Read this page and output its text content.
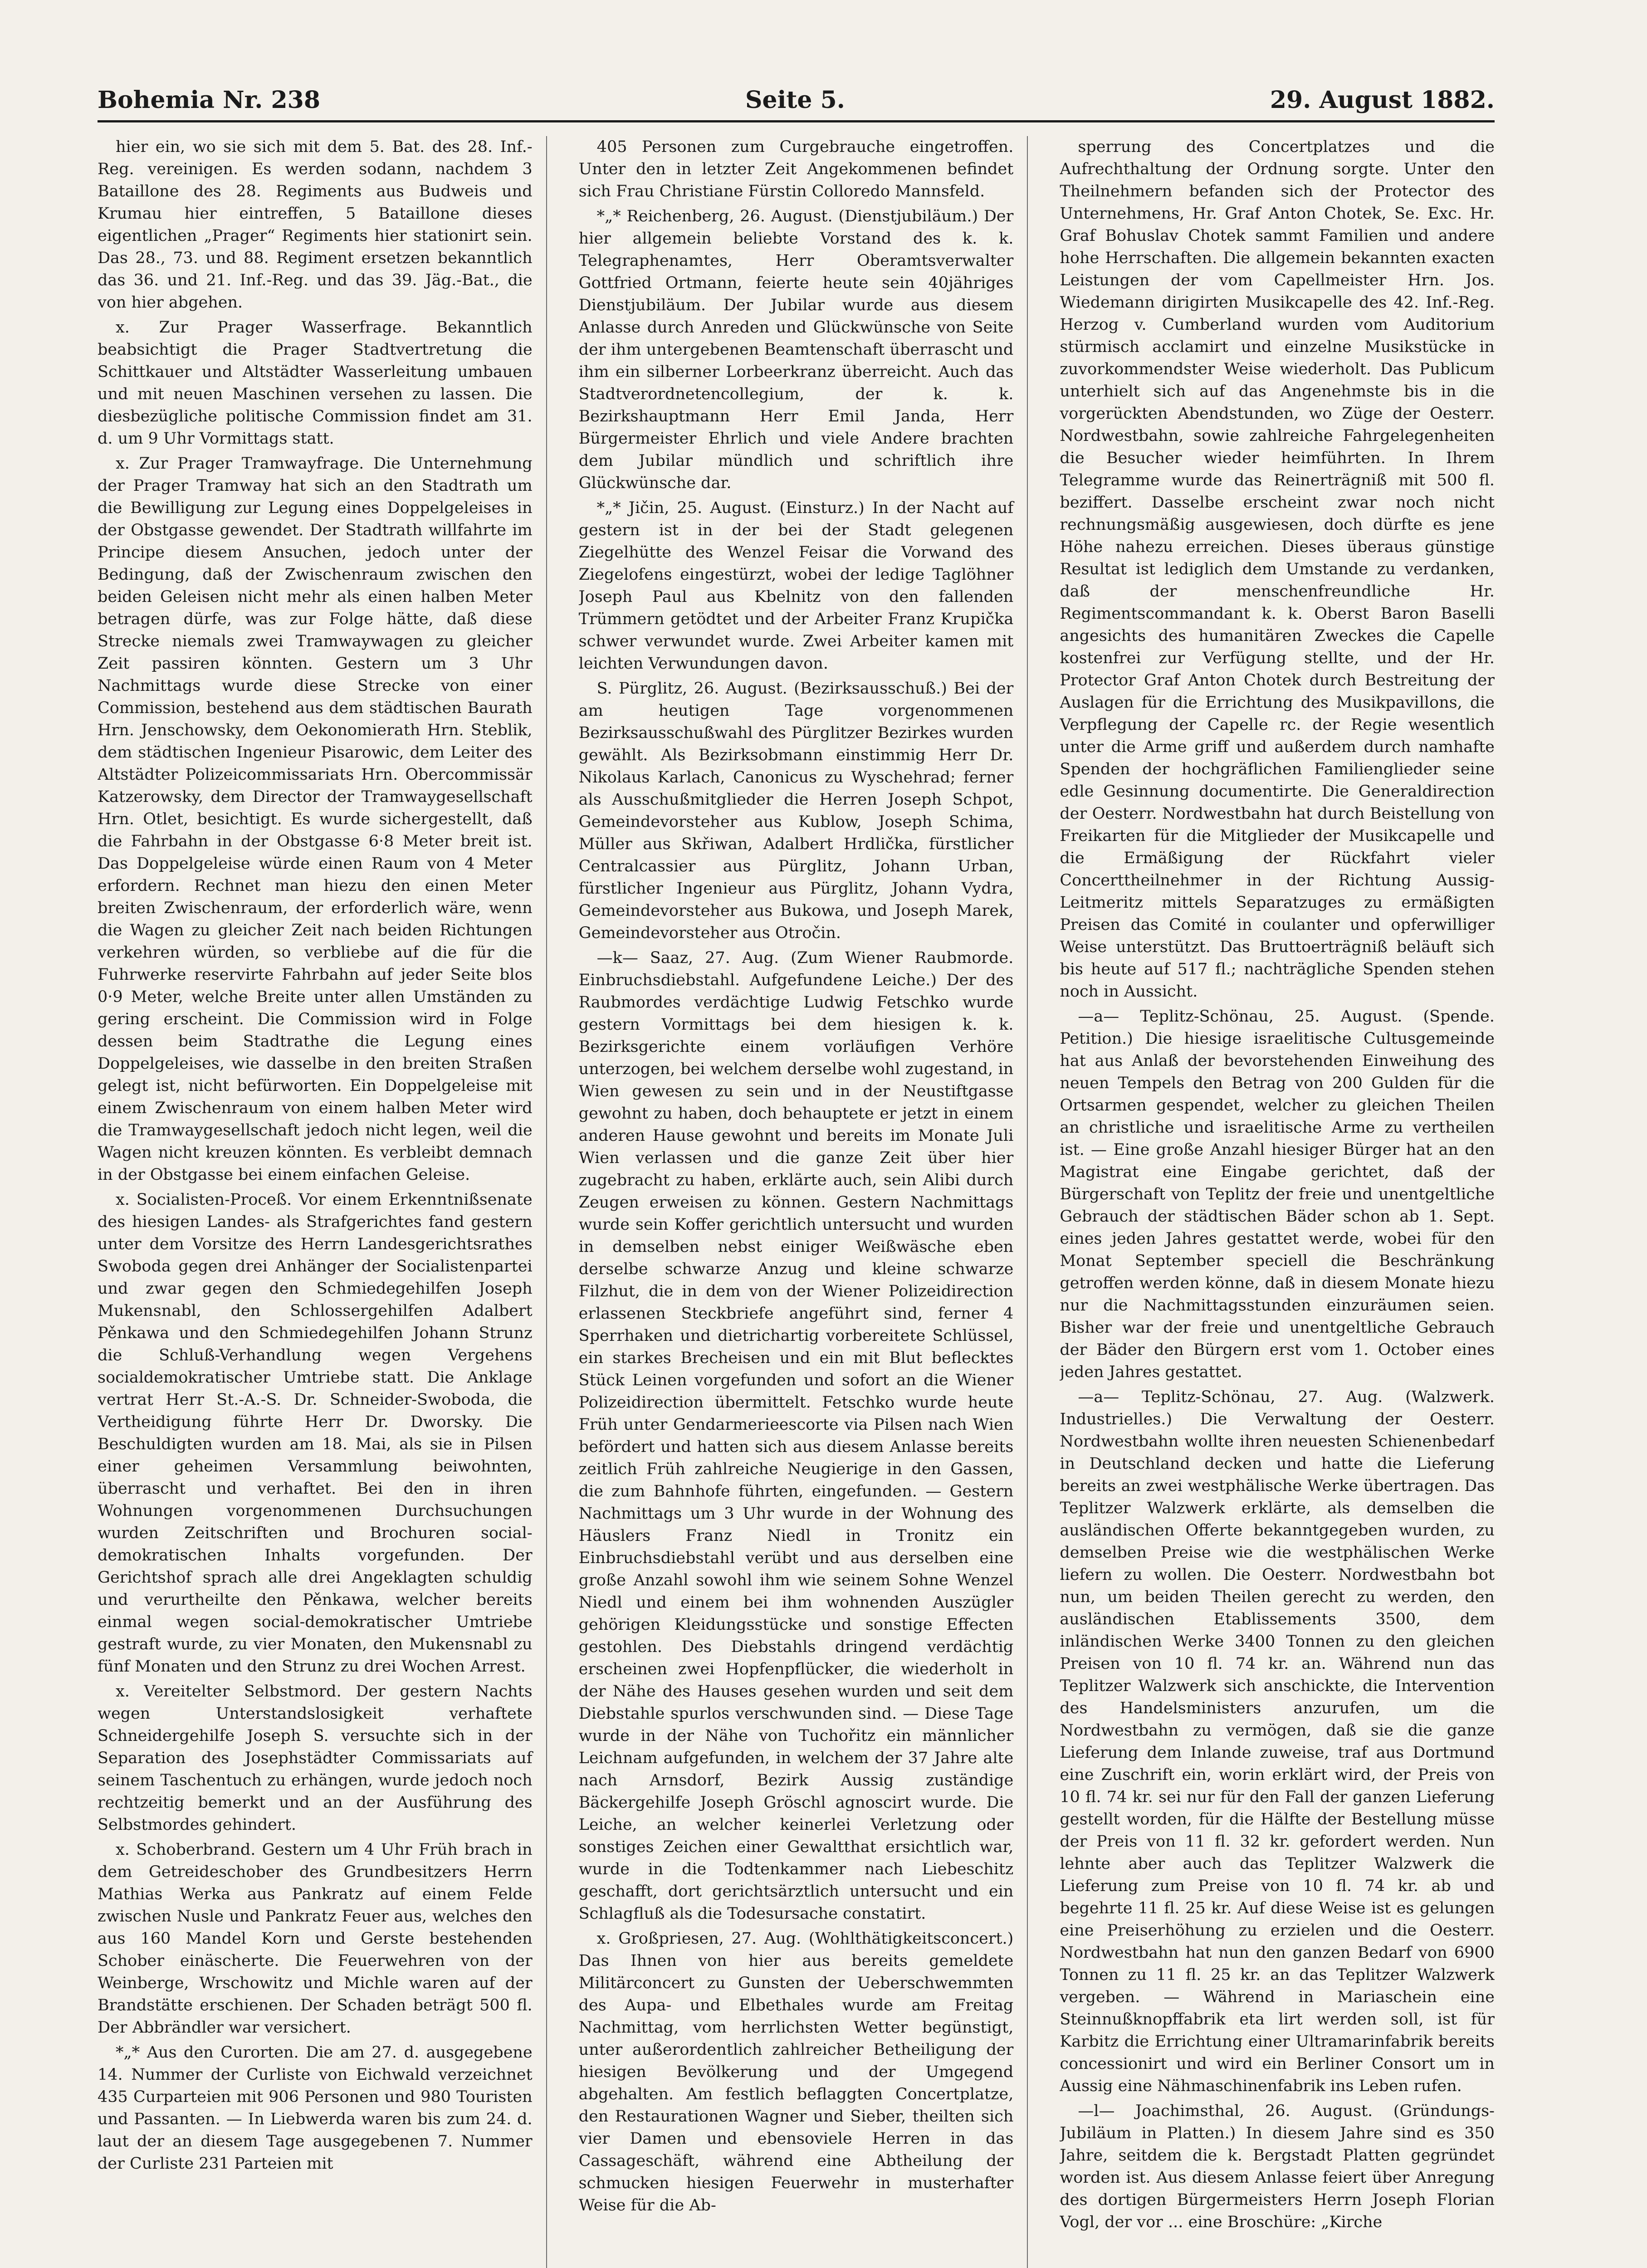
Bohemia Nr. 238	Seite 5.	29. August 1882.

hier ein, wo sie sich mit dem 5. Bat. des 28. Inf.-Reg. vereinigen. Es werden sodann, nachdem 3 Bataillone des 28. Regiments aus Budweis und Krumau hier eintreffen, 5 Bataillone dieses eigentlichen „Prager“ Regiments hier stationirt sein. Das 28., 73. und 88. Regiment ersetzen bekanntlich das 36. und 21. Inf.-Reg. und das 39. Jäg.-Bat., die von hier abgehen.

x. Zur Prager Wasserfrage. Bekanntlich beabsichtigt die Prager Stadtvertretung die Schittkauer und Altstädter Wasserleitung umbauen und mit neuen Maschinen versehen zu lassen. Die diesbezügliche politische Commission findet am 31. d. um 9 Uhr Vormittags statt.

x. Zur Prager Tramwayfrage. Die Unternehmung der Prager Tramway hat sich an den Stadtrath um die Bewilligung zur Legung eines Doppelgeleises in der Obstgasse gewendet. Der Stadtrath willfahrte im Principe diesem Ansuchen, jedoch unter der Bedingung, daß der Zwischenraum zwischen den beiden Geleisen nicht mehr als einen halben Meter betragen dürfe, was zur Folge hätte, daß diese Strecke niemals zwei Tramwaywagen zu gleicher Zeit passiren könnten. Gestern um 3 Uhr Nachmittags wurde diese Strecke von einer Commission, bestehend aus dem städtischen Baurath Hrn. Jenschowsky, dem Oekonomierath Hrn. Steblik, dem städtischen Ingenieur Pisarowic, dem Leiter des Altstädter Polizeicommissariats Hrn. Obercommissär Katzerowsky, dem Director der Tramwaygesellschaft Hrn. Otlet, besichtigt. Es wurde sichergestellt, daß die Fahrbahn in der Obstgasse 6·8 Meter breit ist. Das Doppelgeleise würde einen Raum von 4 Meter erfordern. Rechnet man hiezu den einen Meter breiten Zwischenraum, der erforderlich wäre, wenn die Wagen zu gleicher Zeit nach beiden Richtungen verkehren würden, so verbliebe auf die für die Fuhrwerke reservirte Fahrbahn auf jeder Seite blos 0·9 Meter, welche Breite unter allen Umständen zu gering erscheint. Die Commission wird in Folge dessen beim Stadtrathe die Legung eines Doppelgeleises, wie dasselbe in den breiten Straßen gelegt ist, nicht befürworten. Ein Doppelgeleise mit einem Zwischenraum von einem halben Meter wird die Tramwaygesellschaft jedoch nicht legen, weil die Wagen nicht kreuzen könnten. Es verbleibt demnach in der Obstgasse bei einem einfachen Geleise.

x. Socialisten-Proceß. Vor einem Erkenntnißsenate des hiesigen Landes- als Strafgerichtes fand gestern unter dem Vorsitze des Herrn Landesgerichtsrathes Swoboda gegen drei Anhänger der Socialistenpartei und zwar gegen den Schmiedegehilfen Joseph Mukensnabl, den Schlossergehilfen Adalbert Pěnkawa und den Schmiedegehilfen Johann Strunz die Schluß-Verhandlung wegen Vergehens socialdemokratischer Umtriebe statt. Die Anklage vertrat Herr St.-A.-S. Dr. Schneider-Swoboda, die Vertheidigung führte Herr Dr. Dworsky. Die Beschuldigten wurden am 18. Mai, als sie in Pilsen einer geheimen Versammlung beiwohnten, überrascht und verhaftet. Bei den in ihren Wohnungen vorgenommenen Durchsuchungen wurden Zeitschriften und Brochuren social-demokratischen Inhalts vorgefunden. Der Gerichtshof sprach alle drei Angeklagten schuldig und verurtheilte den Pěnkawa, welcher bereits einmal wegen social-demokratischer Umtriebe gestraft wurde, zu vier Monaten, den Mukensnabl zu fünf Monaten und den Strunz zu drei Wochen Arrest.

x. Vereitelter Selbstmord. Der gestern Nachts wegen Unterstandslosigkeit verhaftete Schneidergehilfe Joseph S. versuchte sich in der Separation des Josephstädter Commissariats auf seinem Taschentuch zu erhängen, wurde jedoch noch rechtzeitig bemerkt und an der Ausführung des Selbstmordes gehindert.

x. Schoberbrand. Gestern um 4 Uhr Früh brach in dem Getreideschober des Grundbesitzers Herrn Mathias Werka aus Pankratz auf einem Felde zwischen Nusle und Pankratz Feuer aus, welches den aus 160 Mandel Korn und Gerste bestehenden Schober einäscherte. Die Feuerwehren von der Weinberge, Wrschowitz und Michle waren auf der Brandstätte erschienen. Der Schaden beträgt 500 fl. Der Abbrändler war versichert.

*„* Aus den Curorten. Die am 27. d. ausgegebene 14. Nummer der Curliste von Eichwald verzeichnet 435 Curparteien mit 906 Personen und 980 Touristen und Passanten. — In Liebwerda waren bis zum 24. d. laut der an diesem Tage ausgegebenen 7. Nummer der Curliste 231 Parteien mit

405 Personen zum Curgebrauche eingetroffen. Unter den in letzter Zeit Angekommenen befindet sich Frau Christiane Fürstin Colloredo Mannsfeld.

*„* Reichenberg, 26. August. (Dienstjubiläum.) Der hier allgemein beliebte Vorstand des k. k. Telegraphenamtes, Herr Oberamtsverwalter Gottfried Ortmann, feierte heute sein 40jähriges Dienstjubiläum. Der Jubilar wurde aus diesem Anlasse durch Anreden und Glückwünsche von Seite der ihm untergebenen Beamtenschaft überrascht und ihm ein silberner Lorbeerkranz überreicht. Auch das Stadtverordnetencollegium, der k. k. Bezirkshauptmann Herr Emil Janda, Herr Bürgermeister Ehrlich und viele Andere brachten dem Jubilar mündlich und schriftlich ihre Glückwünsche dar.

*„* Jičin, 25. August. (Einsturz.) In der Nacht auf gestern ist in der bei der Stadt gelegenen Ziegelhütte des Wenzel Feisar die Vorwand des Ziegelofens eingestürzt, wobei der ledige Taglöhner Joseph Paul aus Kbelnitz von den fallenden Trümmern getödtet und der Arbeiter Franz Krupička schwer verwundet wurde. Zwei Arbeiter kamen mit leichten Verwundungen davon.

S. Pürglitz, 26. August. (Bezirksausschuß.) Bei der am heutigen Tage vorgenommenen Bezirksausschußwahl des Pürglitzer Bezirkes wurden gewählt. Als Bezirksobmann einstimmig Herr Dr. Nikolaus Karlach, Canonicus zu Wyschehrad; ferner als Ausschußmitglieder die Herren Joseph Schpot, Gemeindevorsteher aus Kublow, Joseph Schima, Müller aus Skřiwan, Adalbert Hrdlička, fürstlicher Centralcassier aus Pürglitz, Johann Urban, fürstlicher Ingenieur aus Pürglitz, Johann Vydra, Gemeindevorsteher aus Bukowa, und Joseph Marek, Gemeindevorsteher aus Otročin.

—k— Saaz, 27. Aug. (Zum Wiener Raubmorde. Einbruchsdiebstahl. Aufgefundene Leiche.) Der des Raubmordes verdächtige Ludwig Fetschko wurde gestern Vormittags bei dem hiesigen k. k. Bezirksgerichte einem vorläufigen Verhöre unterzogen, bei welchem derselbe wohl zugestand, in Wien gewesen zu sein und in der Neustiftgasse gewohnt zu haben, doch behauptete er jetzt in einem anderen Hause gewohnt und bereits im Monate Juli Wien verlassen und die ganze Zeit über hier zugebracht zu haben, erklärte auch, sein Alibi durch Zeugen erweisen zu können. Gestern Nachmittags wurde sein Koffer gerichtlich untersucht und wurden in demselben nebst einiger Weißwäsche eben derselbe schwarze Anzug und kleine schwarze Filzhut, die in dem von der Wiener Polizeidirection erlassenen Steckbriefe angeführt sind, ferner 4 Sperrhaken und dietrichartig vorbereitete Schlüssel, ein starkes Brecheisen und ein mit Blut beflecktes Stück Leinen vorgefunden und sofort an die Wiener Polizeidirection übermittelt. Fetschko wurde heute Früh unter Gendarmerieescorte via Pilsen nach Wien befördert und hatten sich aus diesem Anlasse bereits zeitlich Früh zahlreiche Neugierige in den Gassen, die zum Bahnhofe führten, eingefunden. — Gestern Nachmittags um 3 Uhr wurde in der Wohnung des Häuslers Franz Niedl in Tronitz ein Einbruchsdiebstahl verübt und aus derselben eine große Anzahl sowohl ihm wie seinem Sohne Wenzel Niedl und einem bei ihm wohnenden Auszügler gehörigen Kleidungsstücke und sonstige Effecten gestohlen. Des Diebstahls dringend verdächtig erscheinen zwei Hopfenpflücker, die wiederholt in der Nähe des Hauses gesehen wurden und seit dem Diebstahle spurlos verschwunden sind. — Diese Tage wurde in der Nähe von Tuchořitz ein männlicher Leichnam aufgefunden, in welchem der 37 Jahre alte nach Arnsdorf, Bezirk Aussig zuständige Bäckergehilfe Joseph Gröschl agnoscirt wurde. Die Leiche, an welcher keinerlei Verletzung oder sonstiges Zeichen einer Gewaltthat ersichtlich war, wurde in die Todtenkammer nach Liebeschitz geschafft, dort gerichtsärztlich untersucht und ein Schlagfluß als die Todesursache constatirt.

x. Großpriesen, 27. Aug. (Wohlthätigkeitsconcert.) Das Ihnen von hier aus bereits gemeldete Militärconcert zu Gunsten der Ueberschwemmten des Aupa- und Elbethales wurde am Freitag Nachmittag, vom herrlichsten Wetter begünstigt, unter außerordentlich zahlreicher Betheiligung der hiesigen Bevölkerung und der Umgegend abgehalten. Am festlich beflaggten Concertplatze, den Restaurationen Wagner und Sieber, theilten sich vier Damen und ebensoviele Herren in das Cassageschäft, während eine Abtheilung der schmucken hiesigen Feuerwehr in musterhafter Weise für die Ab-

sperrung des Concertplatzes und die Aufrechthaltung der Ordnung sorgte. Unter den Theilnehmern befanden sich der Protector des Unternehmens, Hr. Graf Anton Chotek, Se. Exc. Hr. Graf Bohuslav Chotek sammt Familien und andere hohe Herrschaften. Die allgemein bekannten exacten Leistungen der vom Capellmeister Hrn. Jos. Wiedemann dirigirten Musikcapelle des 42. Inf.-Reg. Herzog v. Cumberland wurden vom Auditorium stürmisch acclamirt und einzelne Musikstücke in zuvorkommendster Weise wiederholt. Das Publicum unterhielt sich auf das Angenehmste bis in die vorgerückten Abendstunden, wo Züge der Oesterr. Nordwestbahn, sowie zahlreiche Fahrgelegenheiten die Besucher wieder heimführten. In Ihrem Telegramme wurde das Reinerträgniß mit 500 fl. beziffert. Dasselbe erscheint zwar noch nicht rechnungsmäßig ausgewiesen, doch dürfte es jene Höhe nahezu erreichen. Dieses überaus günstige Resultat ist lediglich dem Umstande zu verdanken, daß der menschenfreundliche Hr. Regimentscommandant k. k. Oberst Baron Baselli angesichts des humanitären Zweckes die Capelle kostenfrei zur Verfügung stellte, und der Hr. Protector Graf Anton Chotek durch Bestreitung der Auslagen für die Errichtung des Musikpavillons, die Verpflegung der Capelle rc. der Regie wesentlich unter die Arme griff und außerdem durch namhafte Spenden der hochgräflichen Familienglieder seine edle Gesinnung documentirte. Die Generaldirection der Oesterr. Nordwestbahn hat durch Beistellung von Freikarten für die Mitglieder der Musikcapelle und die Ermäßigung der Rückfahrt vieler Concerttheilnehmer in der Richtung Aussig-Leitmeritz mittels Separatzuges zu ermäßigten Preisen das Comité in coulanter und opferwilliger Weise unterstützt. Das Bruttoerträgniß beläuft sich bis heute auf 517 fl.; nachträgliche Spenden stehen noch in Aussicht.

—a— Teplitz-Schönau, 25. August. (Spende. Petition.) Die hiesige israelitische Cultusgemeinde hat aus Anlaß der bevorstehenden Einweihung des neuen Tempels den Betrag von 200 Gulden für die Ortsarmen gespendet, welcher zu gleichen Theilen an christliche und israelitische Arme zu vertheilen ist. — Eine große Anzahl hiesiger Bürger hat an den Magistrat eine Eingabe gerichtet, daß der Bürgerschaft von Teplitz der freie und unentgeltliche Gebrauch der städtischen Bäder schon ab 1. Sept. eines jeden Jahres gestattet werde, wobei für den Monat September speciell die Beschränkung getroffen werden könne, daß in diesem Monate hiezu nur die Nachmittagsstunden einzuräumen seien. Bisher war der freie und unentgeltliche Gebrauch der Bäder den Bürgern erst vom 1. October eines jeden Jahres gestattet.

—a— Teplitz-Schönau, 27. Aug. (Walzwerk. Industrielles.) Die Verwaltung der Oesterr. Nordwestbahn wollte ihren neuesten Schienenbedarf in Deutschland decken und hatte die Lieferung bereits an zwei westphälische Werke übertragen. Das Teplitzer Walzwerk erklärte, als demselben die ausländischen Offerte bekanntgegeben wurden, zu demselben Preise wie die westphälischen Werke liefern zu wollen. Die Oesterr. Nordwestbahn bot nun, um beiden Theilen gerecht zu werden, den ausländischen Etablissements 3500, dem inländischen Werke 3400 Tonnen zu den gleichen Preisen von 10 fl. 74 kr. an. Während nun das Teplitzer Walzwerk sich anschickte, die Intervention des Handelsministers anzurufen, um die Nordwestbahn zu vermögen, daß sie die ganze Lieferung dem Inlande zuweise, traf aus Dortmund eine Zuschrift ein, worin erklärt wird, der Preis von 10 fl. 74 kr. sei nur für den Fall der ganzen Lieferung gestellt worden, für die Hälfte der Bestellung müsse der Preis von 11 fl. 32 kr. gefordert werden. Nun lehnte aber auch das Teplitzer Walzwerk die Lieferung zum Preise von 10 fl. 74 kr. ab und begehrte 11 fl. 25 kr. Auf diese Weise ist es gelungen eine Preiserhöhung zu erzielen und die Oesterr. Nordwestbahn hat nun den ganzen Bedarf von 6900 Tonnen zu 11 fl. 25 kr. an das Teplitzer Walzwerk vergeben. — Während in Mariaschein eine Steinnußknopffabrik eta lirt werden soll, ist für Karbitz die Errichtung einer Ultramarinfabrik bereits concessionirt und wird ein Berliner Consort um in Aussig eine Nähmaschinenfabrik ins Leben rufen.

—l— Joachimsthal, 26. August. (Gründungs-Jubiläum in Platten.) In diesem Jahre sind es 350 Jahre, seitdem die k. Bergstadt Platten gegründet worden ist. Aus diesem Anlasse feiert über Anregung des dortigen Bürgermeisters Herrn Joseph Florian Vogl, der vor ... eine Broschüre: „Kirche
